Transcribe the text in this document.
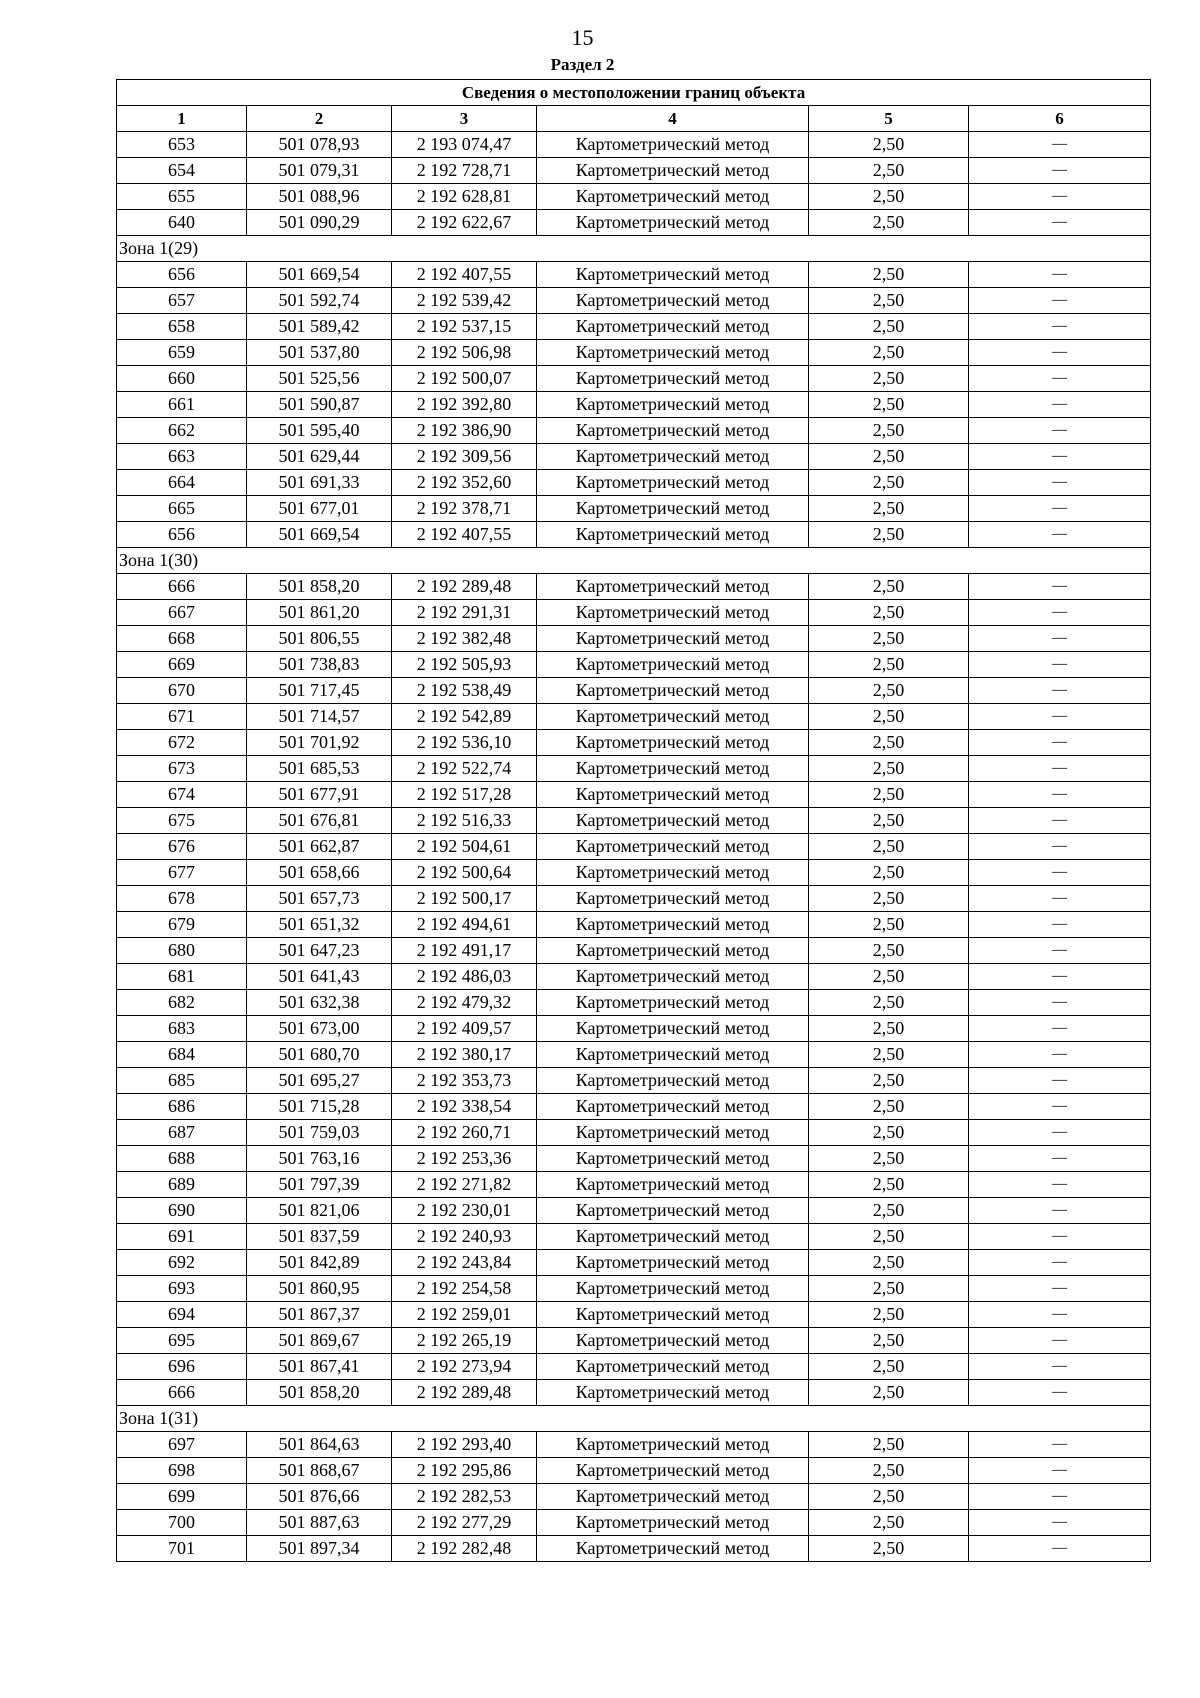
15
Раздел 2
Сведения о местоположении границ объекта					
1	2	3	4	5	6
653	501 078,93	2 193 074,47	Картометрический метод	2,50	—
654	501 079,31	2 192 728,71	Картометрический метод	2,50	—
655	501 088,96	2 192 628,81	Картометрический метод	2,50	—
640	501 090,29	2 192 622,67	Картометрический метод	2,50	—
Зона 1(29)					
656	501 669,54	2 192 407,55	Картометрический метод	2,50	—
657	501 592,74	2 192 539,42	Картометрический метод	2,50	—
658	501 589,42	2 192 537,15	Картометрический метод	2,50	—
659	501 537,80	2 192 506,98	Картометрический метод	2,50	—
660	501 525,56	2 192 500,07	Картометрический метод	2,50	—
661	501 590,87	2 192 392,80	Картометрический метод	2,50	—
662	501 595,40	2 192 386,90	Картометрический метод	2,50	—
663	501 629,44	2 192 309,56	Картометрический метод	2,50	—
664	501 691,33	2 192 352,60	Картометрический метод	2,50	—
665	501 677,01	2 192 378,71	Картометрический метод	2,50	—
656	501 669,54	2 192 407,55	Картометрический метод	2,50	—
Зона 1(30)					
666	501 858,20	2 192 289,48	Картометрический метод	2,50	—
667	501 861,20	2 192 291,31	Картометрический метод	2,50	—
668	501 806,55	2 192 382,48	Картометрический метод	2,50	—
669	501 738,83	2 192 505,93	Картометрический метод	2,50	—
670	501 717,45	2 192 538,49	Картометрический метод	2,50	—
671	501 714,57	2 192 542,89	Картометрический метод	2,50	—
672	501 701,92	2 192 536,10	Картометрический метод	2,50	—
673	501 685,53	2 192 522,74	Картометрический метод	2,50	—
674	501 677,91	2 192 517,28	Картометрический метод	2,50	—
675	501 676,81	2 192 516,33	Картометрический метод	2,50	—
676	501 662,87	2 192 504,61	Картометрический метод	2,50	—
677	501 658,66	2 192 500,64	Картометрический метод	2,50	—
678	501 657,73	2 192 500,17	Картометрический метод	2,50	—
679	501 651,32	2 192 494,61	Картометрический метод	2,50	—
680	501 647,23	2 192 491,17	Картометрический метод	2,50	—
681	501 641,43	2 192 486,03	Картометрический метод	2,50	—
682	501 632,38	2 192 479,32	Картометрический метод	2,50	—
683	501 673,00	2 192 409,57	Картометрический метод	2,50	—
684	501 680,70	2 192 380,17	Картометрический метод	2,50	—
685	501 695,27	2 192 353,73	Картометрический метод	2,50	—
686	501 715,28	2 192 338,54	Картометрический метод	2,50	—
687	501 759,03	2 192 260,71	Картометрический метод	2,50	—
688	501 763,16	2 192 253,36	Картометрический метод	2,50	—
689	501 797,39	2 192 271,82	Картометрический метод	2,50	—
690	501 821,06	2 192 230,01	Картометрический метод	2,50	—
691	501 837,59	2 192 240,93	Картометрический метод	2,50	—
692	501 842,89	2 192 243,84	Картометрический метод	2,50	—
693	501 860,95	2 192 254,58	Картометрический метод	2,50	—
694	501 867,37	2 192 259,01	Картометрический метод	2,50	—
695	501 869,67	2 192 265,19	Картометрический метод	2,50	—
696	501 867,41	2 192 273,94	Картометрический метод	2,50	—
666	501 858,20	2 192 289,48	Картометрический метод	2,50	—
Зона 1(31)					
697	501 864,63	2 192 293,40	Картометрический метод	2,50	—
698	501 868,67	2 192 295,86	Картометрический метод	2,50	—
699	501 876,66	2 192 282,53	Картометрический метод	2,50	—
700	501 887,63	2 192 277,29	Картометрический метод	2,50	—
701	501 897,34	2 192 282,48	Картометрический метод	2,50	—
